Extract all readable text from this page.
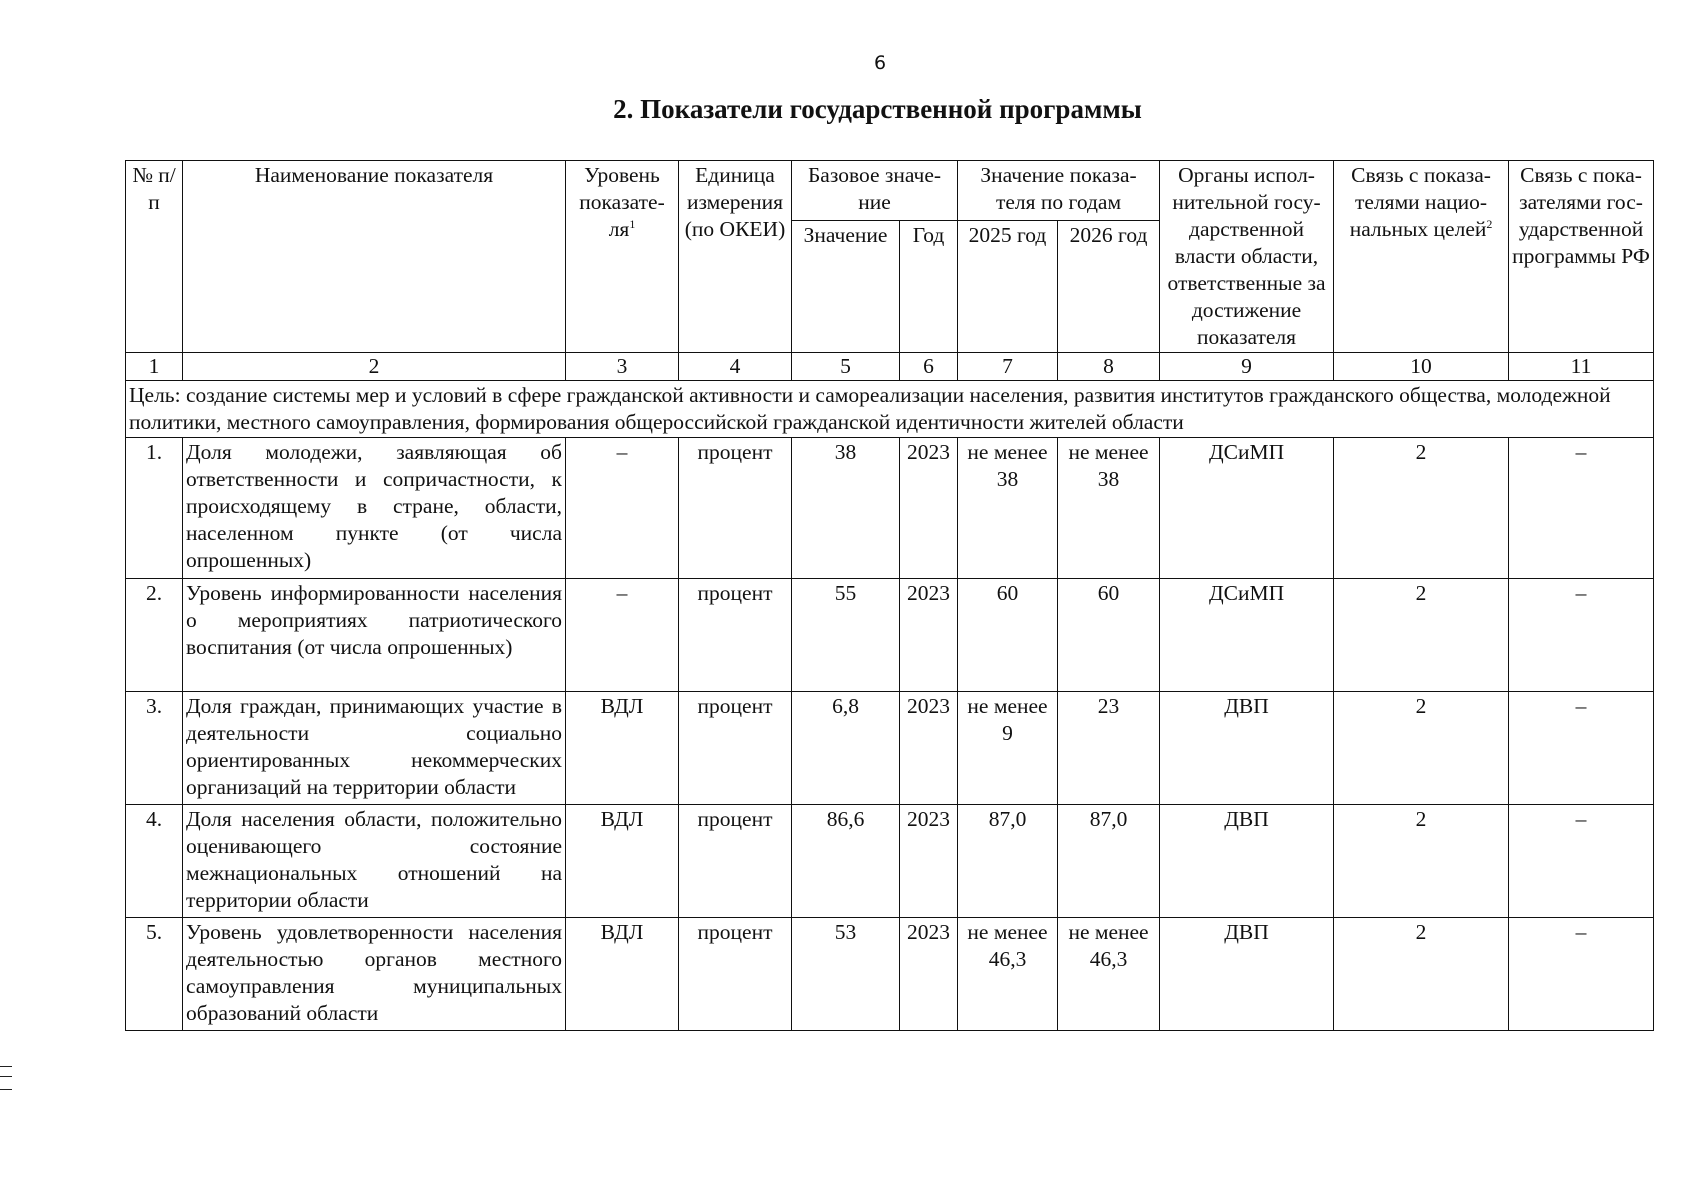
6
2. Показатели государственной программы
№ п/п	Наименование показателя	Уровень показате-$ля^1$	Единица измерения (по ОКЕИ)	Базовое значе-ние		Значение показа-теля по годам		Органы испол-нительной госу-дарственной власти области, ответственные за достижение показателя	Связь с показа-телями нацио-нальных целей$^2$	Связь с пока-зателями гос-ударственной программы РФ
				Значение	Год	2025 год	2026 год			
1	2	3	4	5	6	7	8	9	10	11
Цель: создание системы мер и условий в сфере гражданской активности и самореализации населения, развития институтов гражданского общества, молодежной политики, местного самоуправления, формирования общероссийской гражданской идентичности жителей области										
1.	Доля молодежи, заявляющая об ответственности и сопричастности, к происходящему в стране, области, населенном пункте (от числа опрошенных)	–	процент	38	2023	не менее 38	не менее 38	ДСиМП	2	–
2.	Уровень информированности населения о мероприятиях патриотического воспитания (от числа опрошенных)	–	процент	55	2023	60	60	ДСиМП	2	–
3.	Доля граждан, принимающих участие в деятельности социально ориентированных некоммерческих организаций на территории области	ВДЛ	процент	6,8	2023	не менее 9	23	ДВП	2	–
4.	Доля населения области, положительно оценивающего состояние межнациональных отношений на территории области	ВДЛ	процент	86,6	2023	87,0	87,0	ДВП	2	–
5.	Уровень удовлетворенности населения деятельностью органов местного самоуправления муниципальных образований области	ВДЛ	процент	53	2023	не менее 46,3	не менее 46,3	ДВП	2	–
